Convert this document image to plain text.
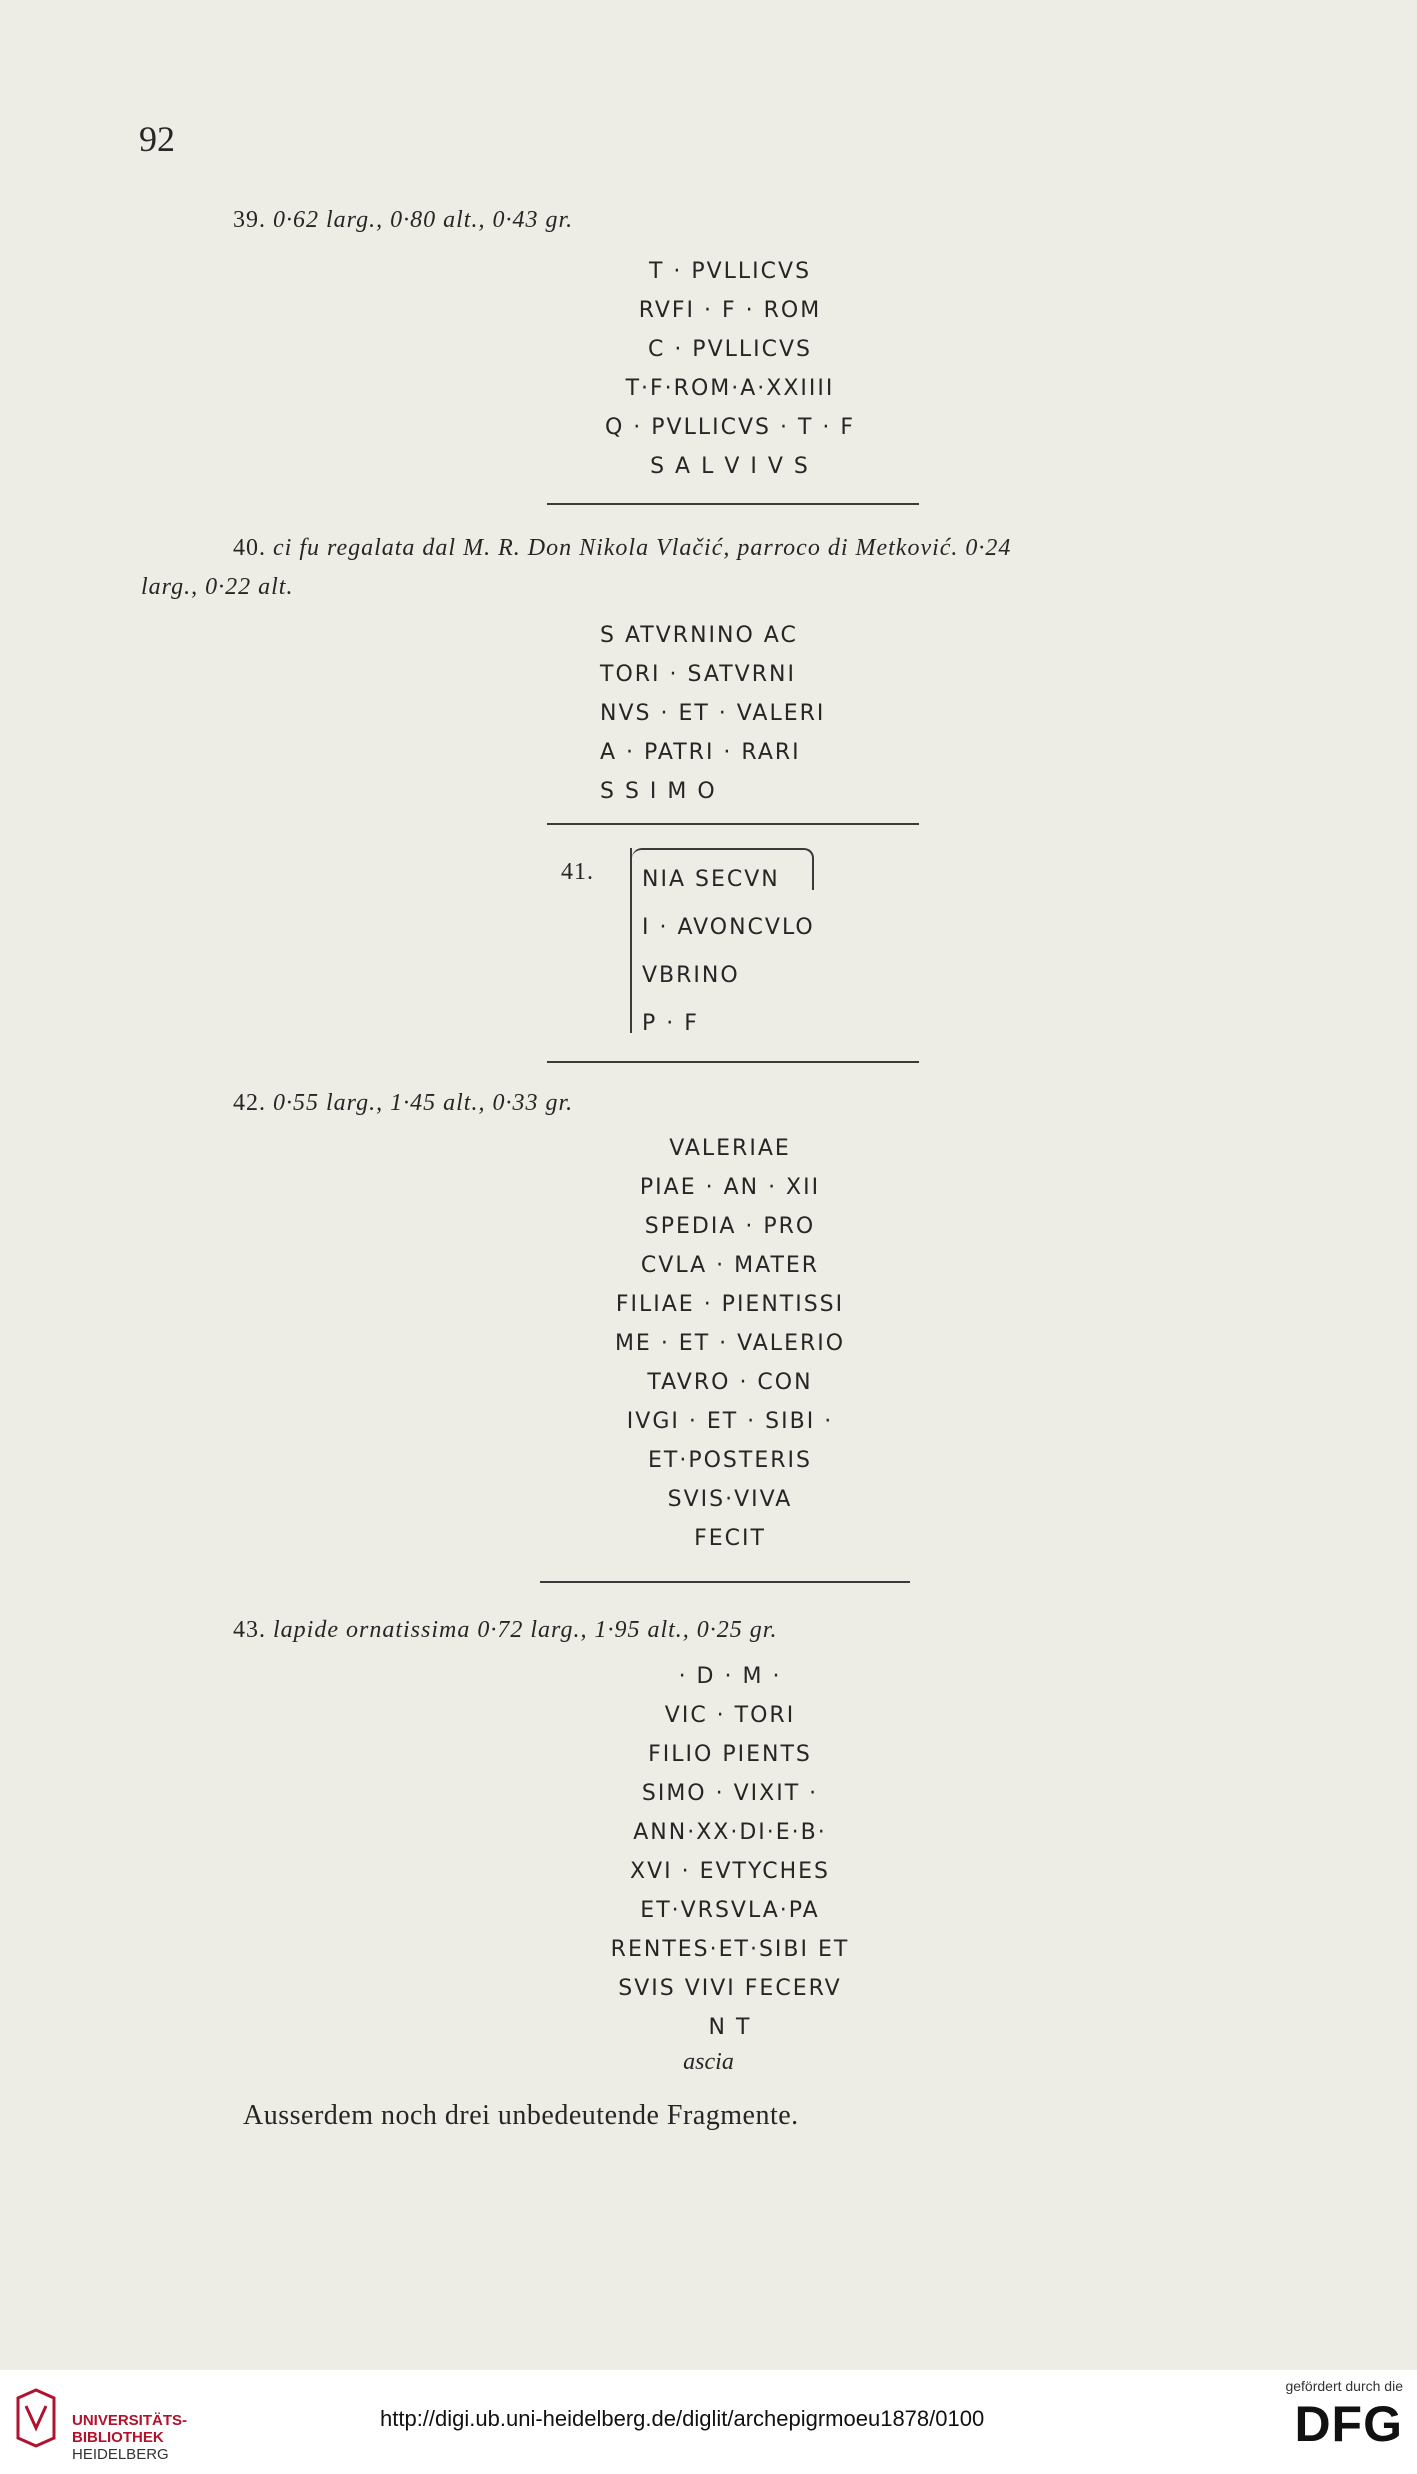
92
39. 0·62 larg., 0·80 alt., 0·43 gr.
T · PVLLICVS
RVFI · F · ROM
C · PVLLICVS
T·F·ROM·A·XXIIII
Q · PVLLICVS · T · F
S A L V I V S
40. ci fu regalata dal M. R. Don Nikola Vlačić, parroco di Metković. 0·24
larg., 0·22 alt.
S ATVRNINO AC
TORI · SATVRNI
NVS · ET · VALERI
A · PATRI · RARI
S S I M O
41. NIA SECVN
I · AVONCVLO
VBRINO
P · F
42. 0·55 larg., 1·45 alt., 0·33 gr.
VALERIAE
PIAE · AN · XII
SPEDIA · PRO
CVLA · MATER
FILIAE · PIENTISSI
ME · ET · VALERIO
TAVRO · CON
IVGI · ET · SIBI ·
ET·POSTERIS
SVIS·VIVA
FECIT
43. lapide ornatissima 0·72 larg., 1·95 alt., 0·25 gr.
· D · M ·
VIC · TORI
FILIO PIENTS
SIMO · VIXIT ·
ANN·XX·DI·E·B·
XVI · EVTYCHES
ET·VRSVLA·PA
RENTES·ET·SIBI ET
SVIS VIVI FECERV
N T
ascia
Ausserdem noch drei unbedeutende Fragmente.
UNIVERSITÄTS-
BIBLIOTHEK
HEIDELBERG
http://digi.ub.uni-heidelberg.de/diglit/archepigrmoeu1878/0100
gefördert durch die
DFG
